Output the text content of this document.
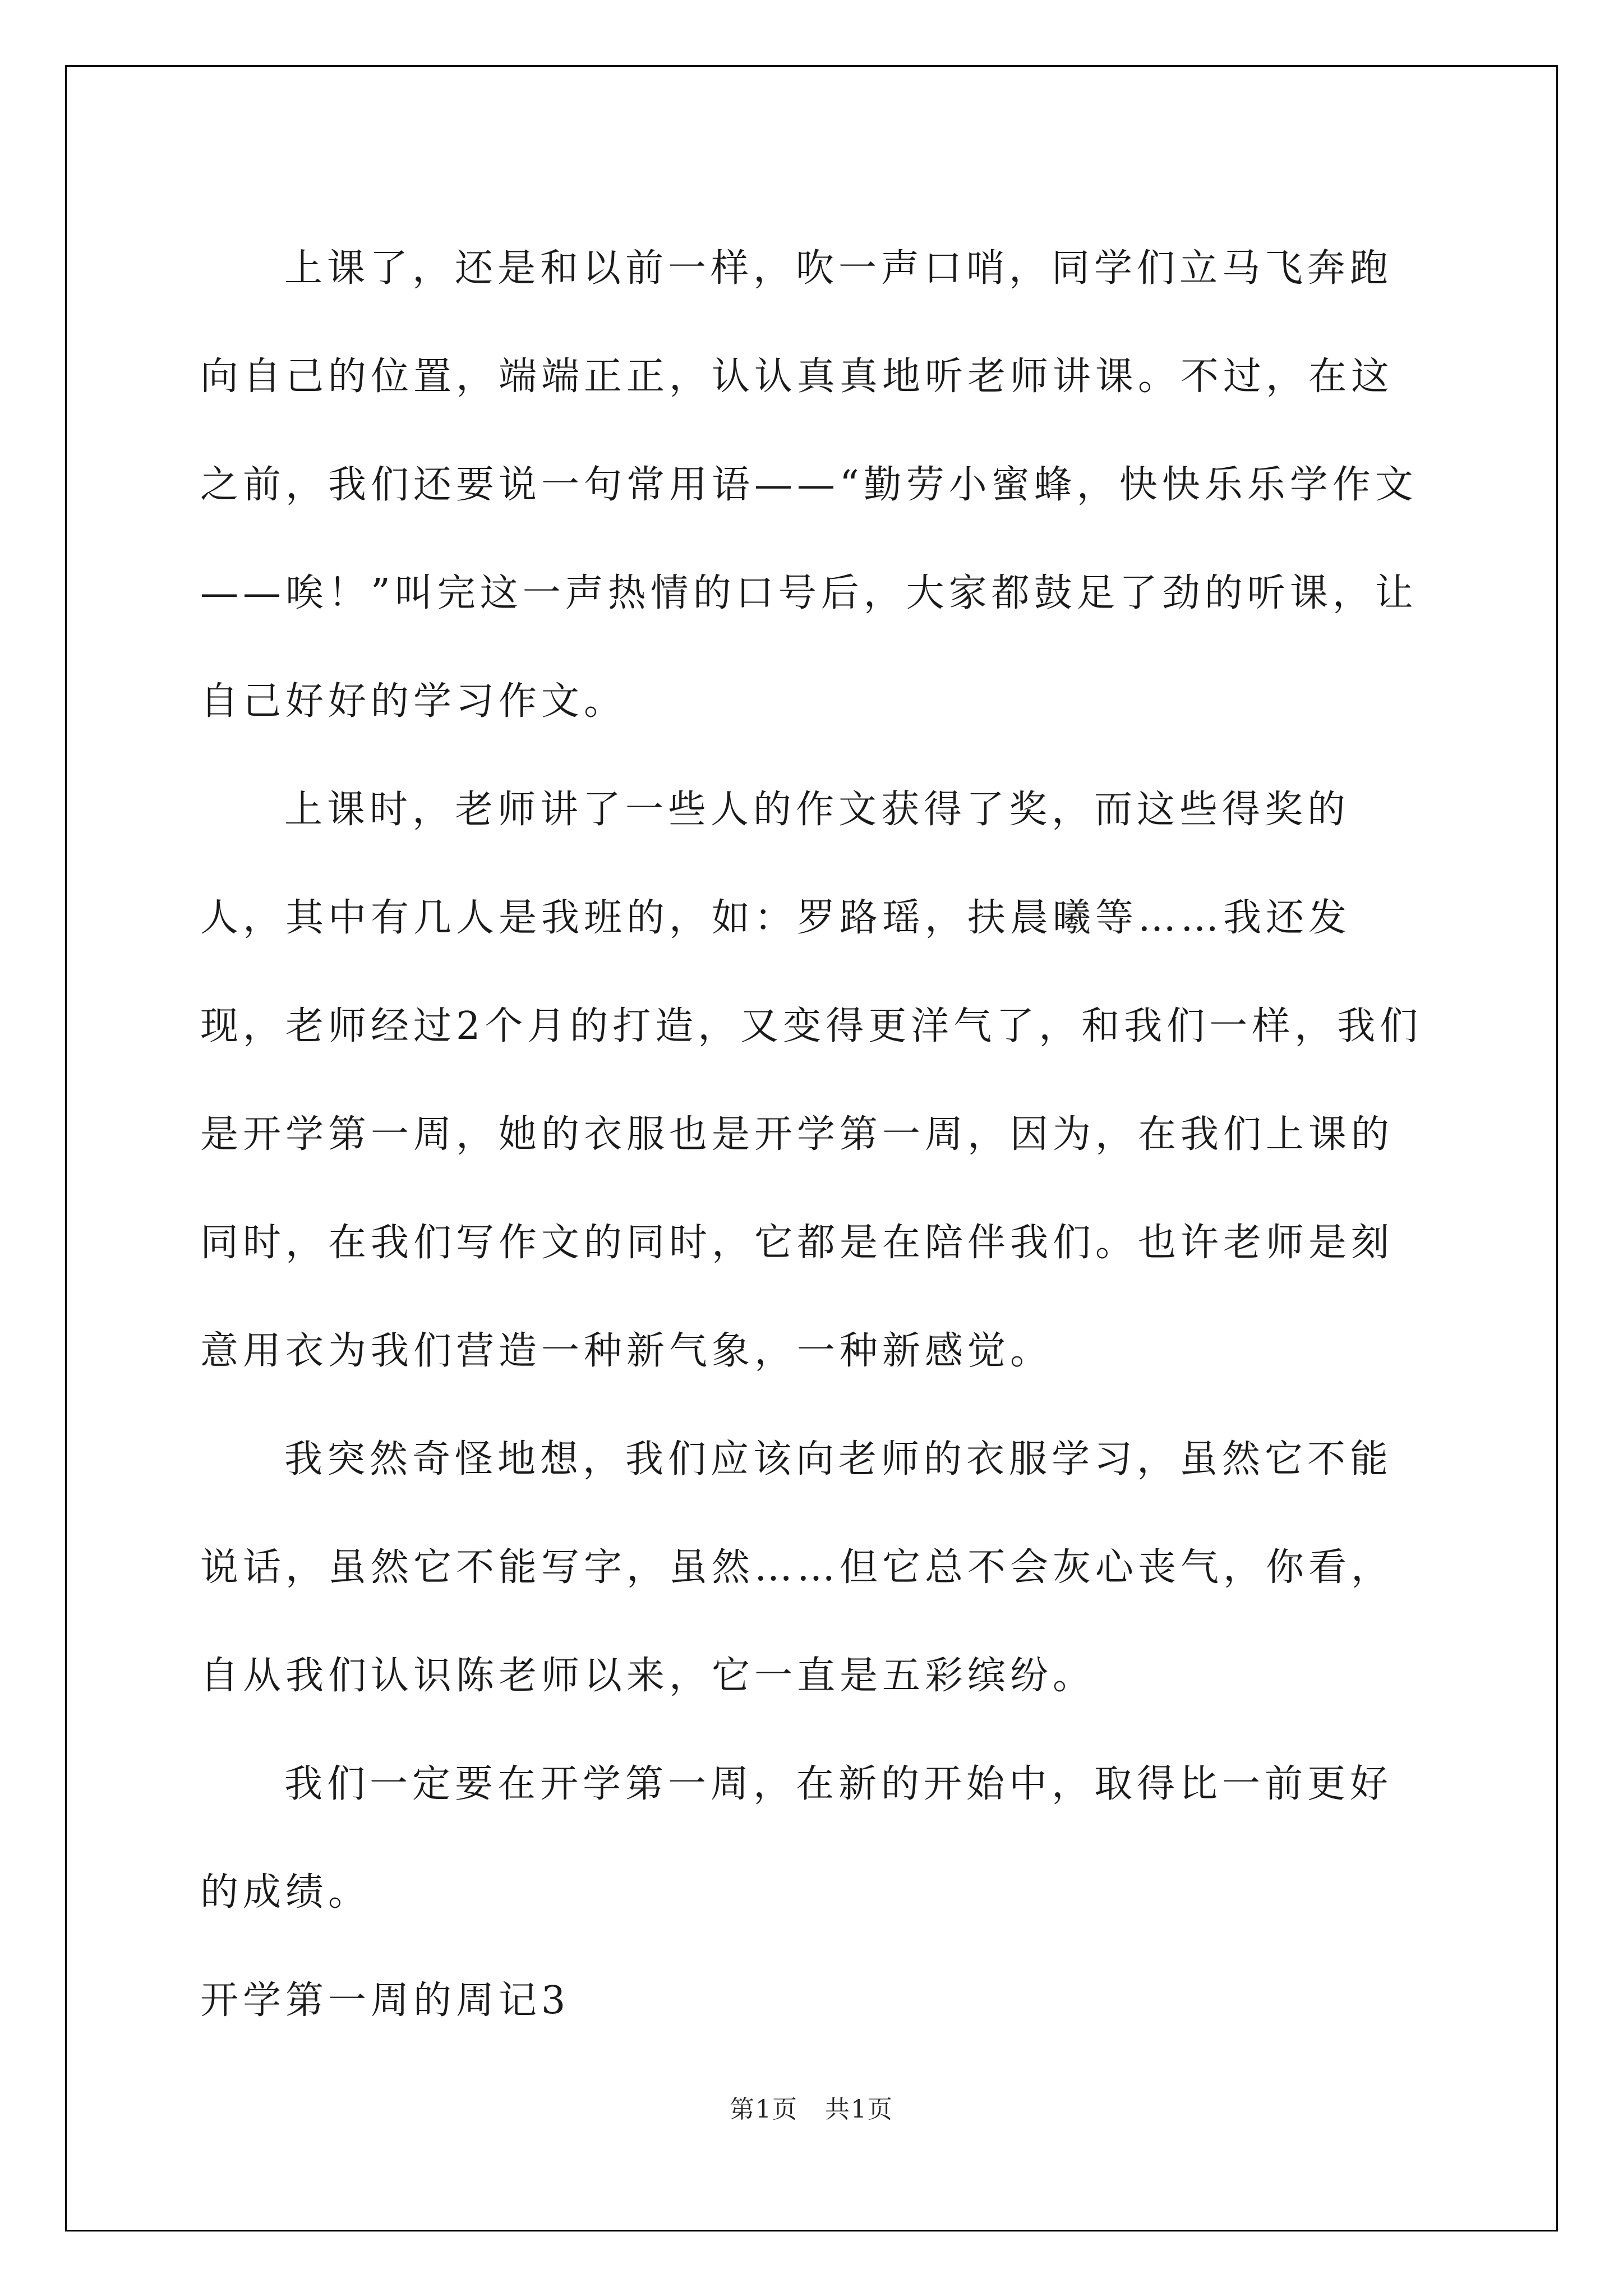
上课了，还是和以前一样，吹一声口哨，同学们立马飞奔跑向自己的位置，端端正正，认认真真地听老师讲课。不过，在这之前，我们还要说一句常用语——“勤劳小蜜蜂，快快乐乐学作文——唉！”叫完这一声热情的口号后，大家都鼓足了劲的听课，让自己好好的学习作文。

上课时，老师讲了一些人的作文获得了奖，而这些得奖的人，其中有几人是我班的，如：罗路瑶，扶晨曦等……我还发现，老师经过2个月的打造，又变得更洋气了，和我们一样，我们是开学第一周，她的衣服也是开学第一周，因为，在我们上课的同时，在我们写作文的同时，它都是在陪伴我们。也许老师是刻意用衣为我们营造一种新气象，一种新感觉。

我突然奇怪地想，我们应该向老师的衣服学习，虽然它不能说话，虽然它不能写字，虽然……但它总不会灰心丧气，你看，自从我们认识陈老师以来，它一直是五彩缤纷。

我们一定要在开学第一周，在新的开始中，取得比一前更好的成绩。

开学第一周的周记3

第1页 共1页
